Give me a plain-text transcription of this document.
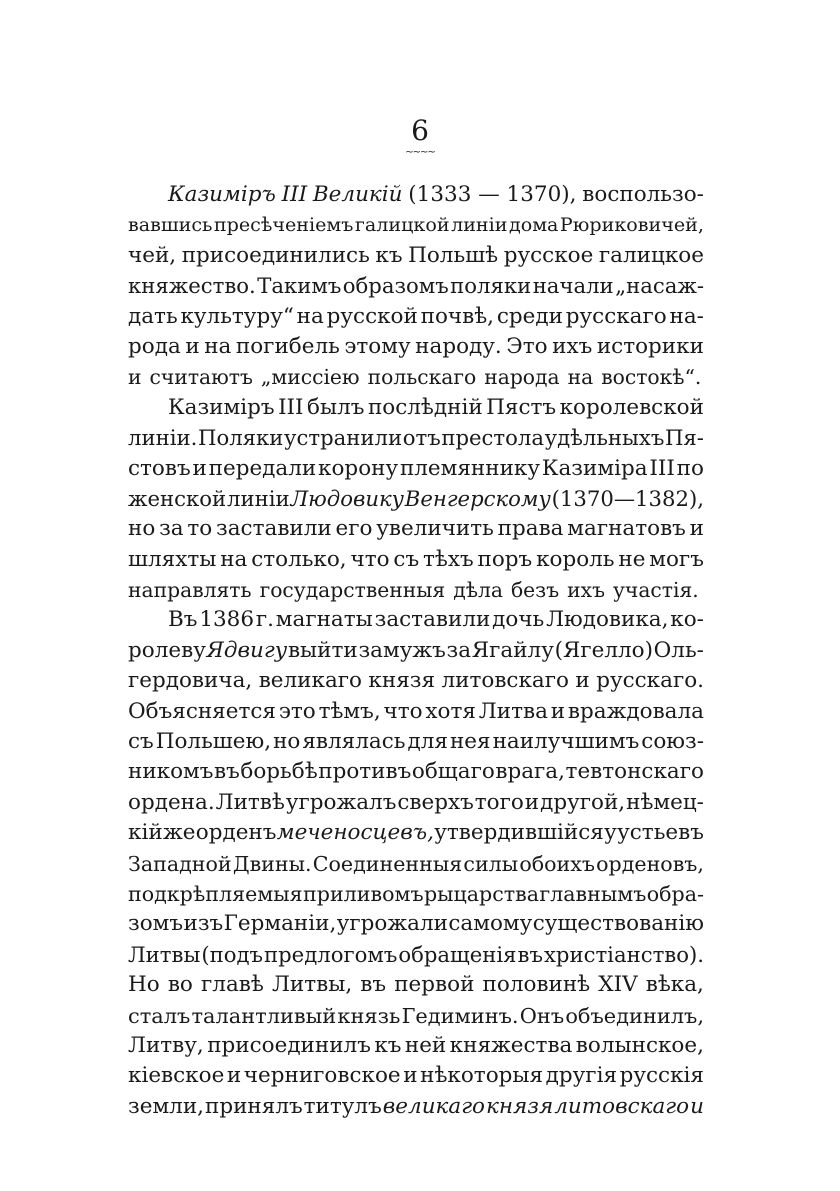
6
~~~~
Казиміръ III Великій (1333 — 1370), воспользо-
вавшись пресѣченіемъ галицкой линіи дома Рюриковичей,
чей, присоединились къ Польшѣ русское галицкое
княжество. Такимъ образомъ поляки начали „насаж-
дать культуру“ на русской почвѣ, среди русскаго на-
рода и на погибель этому народу. Это ихъ историки
и считаютъ „миссіею польскаго народа на востокѣ“.
Казиміръ III былъ послѣдній Пястъ королевской
линіи. Поляки устранили отъ престола удѣльныхъ Пя-
стовъ и передали корону племяннику Казиміра III по
женской линіи Людовику Венгерскому (1370—1382),
но за то заставили его увеличить права магнатовъ и
шляхты на столько, что съ тѣхъ поръ король не могъ
направлять государственныя дѣла безъ ихъ участія.
Въ 1386 г. магнаты заставили дочь Людовика, ко-
ролеву Ядвигу выйти замужъ за Ягайлу (Ягелло) Оль-
гердовича, великаго князя литовскаго и русскаго.
Объясняется это тѣмъ, что хотя Литва и враждовала
съ Польшею, но являлась для нея наилучшимъ союз-
никомъ въ борьбѣ противъ общаго врага, тевтонскаго
ордена. Литвѣ угрожалъ сверхъ того и другой, нѣмец-
кій же орденъ меченосцевъ, утвердившійся у устьевъ
Западной Двины. Соединенныя силы обоихъ орденовъ,
подкрѣпляемыя приливомъ рыцарства главнымъ обра-
зомъ изъ Германіи, угрожали самому существованію
Литвы (подъ предлогомъ обращенія въ христіанство).
Но во главѣ Литвы, въ первой половинѣ XIV вѣка,
сталъ талантливый князь Гедиминъ. Онъ объединилъ,
Литву, присоединилъ къ ней княжества волынское,
кіевское и черниговское и нѣкоторыя другія русскія
земли, принялъ титулъ великаго князя литовскаго и
